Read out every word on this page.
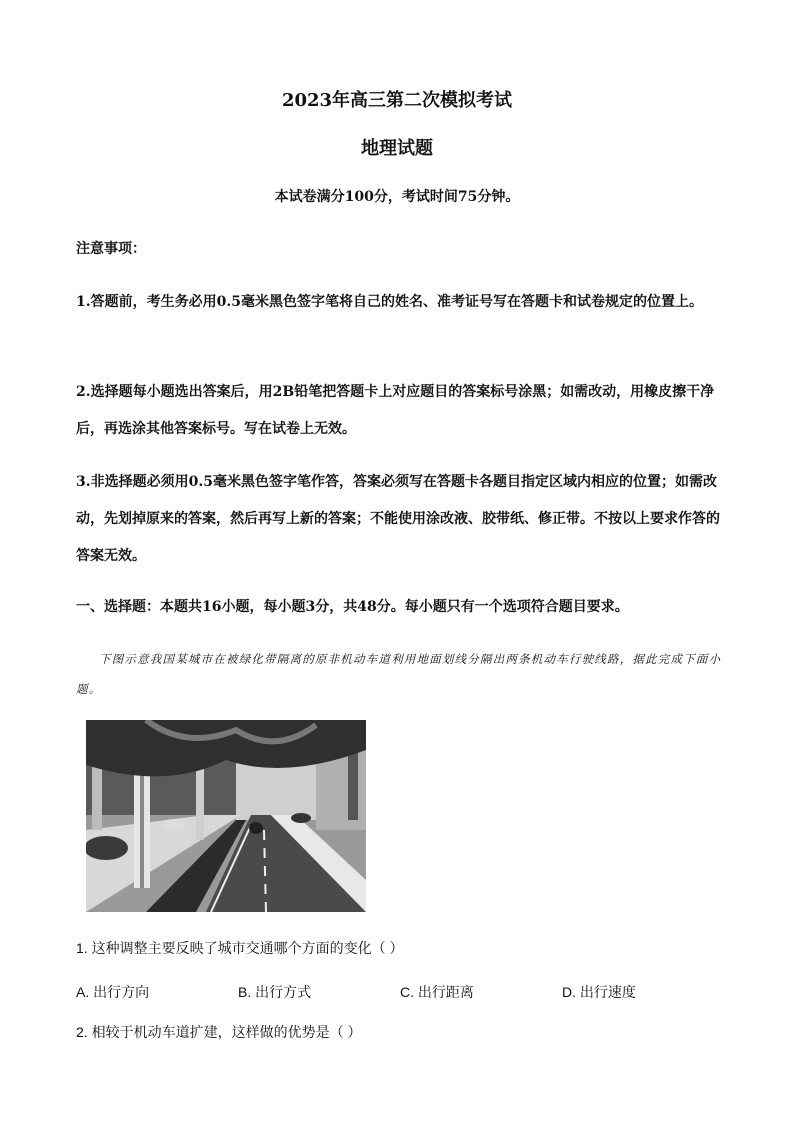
2023年高三第二次模拟考试
地理试题
本试卷满分100分，考试时间75分钟。
注意事项：
1.答题前，考生务必用0.5毫米黑色签字笔将自己的姓名、准考证号写在答题卡和试卷规定的位置上。
2.选择题每小题选出答案后，用2B铅笔把答题卡上对应题目的答案标号涂黑；如需改动，用橡皮擦干净后，再选涂其他答案标号。写在试卷上无效。
3.非选择题必须用0.5毫米黑色签字笔作答，答案必须写在答题卡各题目指定区域内相应的位置；如需改动，先划掉原来的答案，然后再写上新的答案；不能使用涂改液、胶带纸、修正带。不按以上要求作答的答案无效。
一、选择题：本题共16小题，每小题3分，共48分。每小题只有一个选项符合题目要求。
下图示意我国某城市在被绿化带隔离的原非机动车道利用地面划线分隔出两条机动车行驶线路，据此完成下面小题。
1. 这种调整主要反映了城市交通哪个方面的变化（ ）
A. 出行方向	B. 出行方式	C. 出行距离	D. 出行速度
2. 相较于机动车道扩建，这样做的优势是（ ）
